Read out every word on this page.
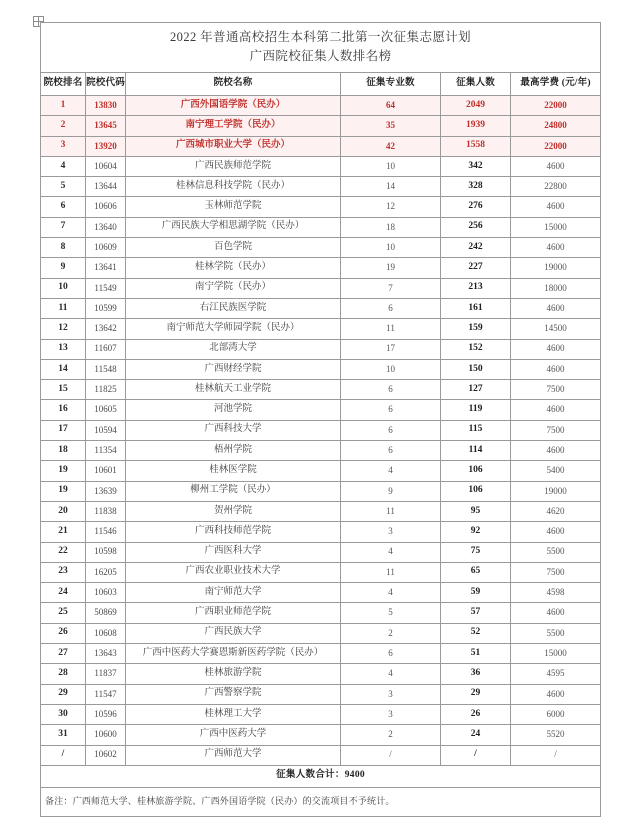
2022 年普通高校招生本科第二批第一次征集志愿计划
广西院校征集人数排名榜					

院校排名	院校代码	院校名称	征集专业数	征集人数	最高学费 (元/年)
1	13830	广西外国语学院（民办）	64	2049	22000
2	13645	南宁理工学院（民办）	35	1939	24800
3	13920	广西城市职业大学（民办）	42	1558	22000
4	10604	广西民族师范学院	10	342	4600
5	13644	桂林信息科技学院（民办）	14	328	22800
6	10606	玉林师范学院	12	276	4600
7	13640	广西民族大学相思湖学院（民办）	18	256	15000
8	10609	百色学院	10	242	4600
9	13641	桂林学院（民办）	19	227	19000
10	11549	南宁学院（民办）	7	213	18000
11	10599	右江民族医学院	6	161	4600
12	13642	南宁师范大学师园学院（民办）	11	159	14500
13	11607	北部湾大学	17	152	4600
14	11548	广西财经学院	10	150	4600
15	11825	桂林航天工业学院	6	127	7500
16	10605	河池学院	6	119	4600
17	10594	广西科技大学	6	115	7500
18	11354	梧州学院	6	114	4600
19	10601	桂林医学院	4	106	5400
19	13639	柳州工学院（民办）	9	106	19000
20	11838	贺州学院	11	95	4620
21	11546	广西科技师范学院	3	92	4600
22	10598	广西医科大学	4	75	5500
23	16205	广西农业职业技术大学	11	65	7500
24	10603	南宁师范大学	4	59	4598
25	50869	广西职业师范学院	5	57	4600
26	10608	广西民族大学	2	52	5500
27	13643	广西中医药大学赛恩斯新医药学院（民办）	6	51	15000
28	11837	桂林旅游学院	4	36	4595
29	11547	广西警察学院	3	29	4600
30	10596	桂林理工大学	3	26	6000
31	10600	广西中医药大学	2	24	5520
/	10602	广西师范大学	/	/	/
征集人数合计：9400					
备注：广西师范大学、桂林旅游学院、广西外国语学院（民办）的交流项目不予统计。					
